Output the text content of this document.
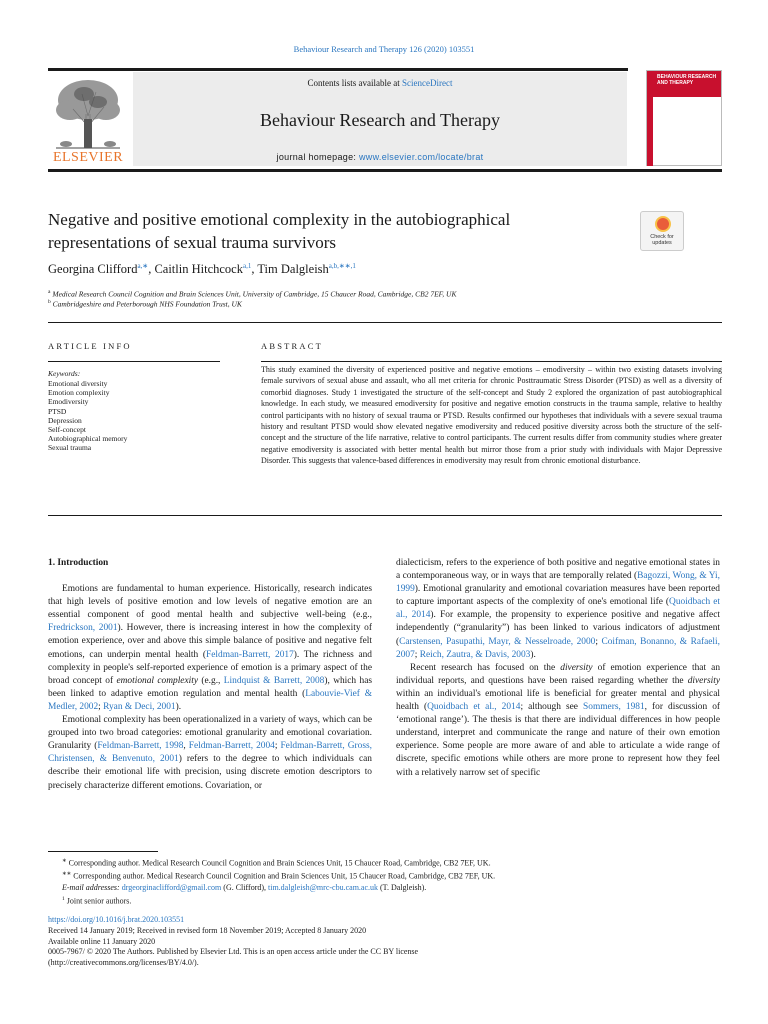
Behaviour Research and Therapy 126 (2020) 103551
ELSEVIER
Contents lists available at ScienceDirect
Behaviour Research and Therapy
journal homepage: www.elsevier.com/locate/brat
BEHAVIOUR RESEARCH AND THERAPY
Negative and positive emotional complexity in the autobiographical representations of sexual trauma survivors	Check for updates
Georgina Clifford$^{a,∗}$, Caitlin Hitchcock$^{a,1}$, Tim Dalgleish$^{a,b,∗∗,1}$
$^a$ Medical Research Council Cognition and Brain Sciences Unit, University of Cambridge, 15 Chaucer Road, Cambridge, CB2 7EF, UK
$^b$ Cambridgeshire and Peterborough NHS Foundation Trust, UK
ARTICLE INFO	ABSTRACT
Keywords:
Emotional diversity
Emotion complexity
Emodiversity
PTSD
Depression
Self-concept
Autobiographical memory
Sexual trauma

This study examined the diversity of experienced positive and negative emotions – emodiversity – within two existing datasets involving female survivors of sexual abuse and assault, who all met criteria for chronic Posttraumatic Stress Disorder (PTSD) as well as a diversity of comorbid diagnoses. Study 1 investigated the structure of the self-concept and Study 2 explored the organization of past autobiographical knowledge. In each study, we measured emodiversity for positive and negative emotion constructs in the trauma sample, relative to healthy control participants with no history of sexual trauma or PTSD. Results confirmed our hypotheses that individuals with a severe sexual trauma history and resultant PTSD would show elevated negative emodiversity and reduced positive diversity across both the structure of the self-concept and the structure of the life narrative, relative to control participants. The current results differ from community studies where greater negative emodiversity is associated with better mental health but mirror those from a prior study with individuals with Major Depressive Disorder. This suggests that valence-based differences in emodiversity may result from chronic emotional disturbance.

1. Introduction

Emotions are fundamental to human experience. Historically, research indicates that high levels of positive emotion and low levels of negative emotion are an essential component of good mental health and subjective well-being (e.g., Fredrickson, 2001). However, there is increasing interest in how the complexity of emotion experience, over and above this simple balance of positive and negative felt emotions, can underpin mental health (Feldman-Barrett, 2017). The richness and complexity in people's self-reported experience of emotion is a primary aspect of the broad concept of emotional complexity (e.g., Lindquist & Barrett, 2008), which has been linked to adaptive emotion regulation and mental health (Labouvie-Vief & Medler, 2002; Ryan & Deci, 2001).

Emotional complexity has been operationalized in a variety of ways, which can be grouped into two broad categories: emotional granularity and emotional covariation. Granularity (Feldman-Barrett, 1998, Feldman-Barrett, 2004; Feldman-Barrett, Gross, Christensen, & Benvenuto, 2001) refers to the degree to which individuals can describe their emotional life with precision, using discrete emotion descriptors to precisely characterize different emotions. Covariation, or

dialecticism, refers to the experience of both positive and negative emotional states in a contemporaneous way, or in ways that are temporally related (Bagozzi, Wong, & Yi, 1999). Emotional granularity and emotional covariation measures have been reported to capture important aspects of the complexity of one's emotional life (Quoidbach et al., 2014). For example, the propensity to experience positive and negative affect independently (“granularity”) has been linked to various indicators of adjustment (Carstensen, Pasupathi, Mayr, & Nesselroade, 2000; Coifman, Bonanno, & Rafaeli, 2007; Reich, Zautra, & Davis, 2003).

Recent research has focused on the diversity of emotion experience that an individual reports, and questions have been raised regarding whether the diversity within an individual's emotional life is beneficial for greater mental and physical health (Quoidbach et al., 2014; although see Sommers, 1981, for discussion of ‘emotional range’). The thesis is that there are individual differences in how people understand, interpret and communicate the range and nature of their own emotion experience. Some people are more aware of and able to articulate a wide range of discrete, specific emotions while others are more prone to represent how they feel with a relatively narrow set of specific

∗ Corresponding author. Medical Research Council Cognition and Brain Sciences Unit, 15 Chaucer Road, Cambridge, CB2 7EF, UK.
∗∗ Corresponding author. Medical Research Council Cognition and Brain Sciences Unit, 15 Chaucer Road, Cambridge, CB2 7EF, UK.
E-mail addresses: drgeorginaclifford@gmail.com (G. Clifford), tim.dalgleish@mrc-cbu.cam.ac.uk (T. Dalgleish).
$^1$ Joint senior authors.
https://doi.org/10.1016/j.brat.2020.103551
Received 14 January 2019; Received in revised form 18 November 2019; Accepted 8 January 2020
Available online 11 January 2020
0005-7967/ © 2020 The Authors. Published by Elsevier Ltd. This is an open access article under the CC BY license
(http://creativecommons.org/licenses/BY/4.0/).
